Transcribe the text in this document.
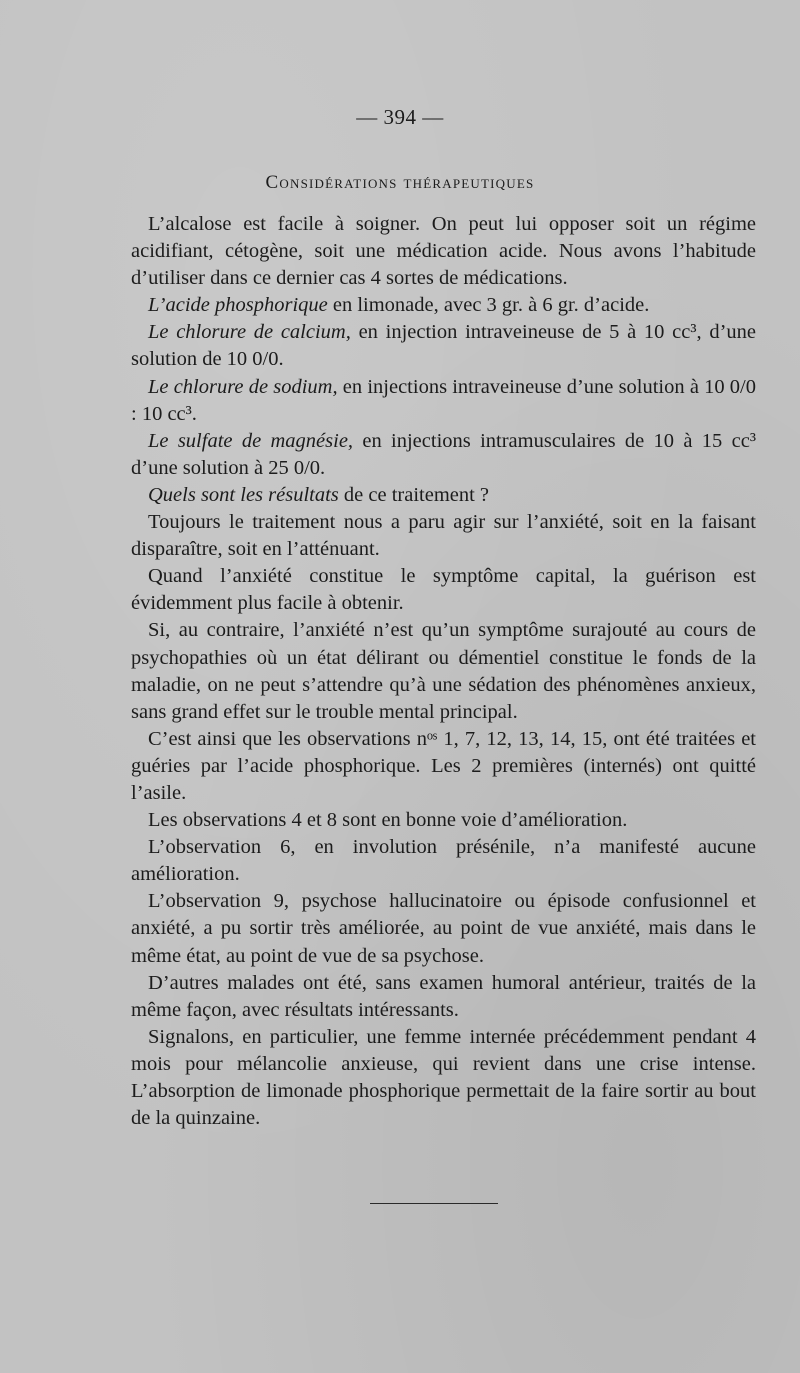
— 394 —
Considérations thérapeutiques

L’alcalose est facile à soigner. On peut lui opposer soit un régime acidifiant, cétogène, soit une médication acide. Nous avons l’habitude d’utiliser dans ce dernier cas 4 sortes de médications.

L’acide phosphorique en limonade, avec 3 gr. à 6 gr. d’acide.

Le chlorure de calcium, en injection intraveineuse de 5 à 10 cc³, d’une solution de 10 0/0.

Le chlorure de sodium, en injections intraveineuse d’une solution à 10 0/0 : 10 cc³.

Le sulfate de magnésie, en injections intramusculaires de 10 à 15 cc³ d’une solution à 25 0/0.

Quels sont les résultats de ce traitement ?

Toujours le traitement nous a paru agir sur l’anxiété, soit en la faisant disparaître, soit en l’atténuant.

Quand l’anxiété constitue le symptôme capital, la guérison est évidemment plus facile à obtenir.

Si, au contraire, l’anxiété n’est qu’un symptôme surajouté au cours de psychopathies où un état délirant ou démentiel constitue le fonds de la maladie, on ne peut s’attendre qu’à une sédation des phénomènes anxieux, sans grand effet sur le trouble mental principal.

C’est ainsi que les observations nᵒˢ 1, 7, 12, 13, 14, 15, ont été traitées et guéries par l’acide phosphorique. Les 2 premières (internés) ont quitté l’asile.

Les observations 4 et 8 sont en bonne voie d’amélioration.

L’observation 6, en involution présénile, n’a manifesté aucune amélioration.

L’observation 9, psychose hallucinatoire ou épisode confusionnel et anxiété, a pu sortir très améliorée, au point de vue anxiété, mais dans le même état, au point de vue de sa psychose.

D’autres malades ont été, sans examen humoral antérieur, traités de la même façon, avec résultats intéressants.

Signalons, en particulier, une femme internée précédemment pendant 4 mois pour mélancolie anxieuse, qui revient dans une crise intense. L’absorption de limonade phosphorique permettait de la faire sortir au bout de la quinzaine.
